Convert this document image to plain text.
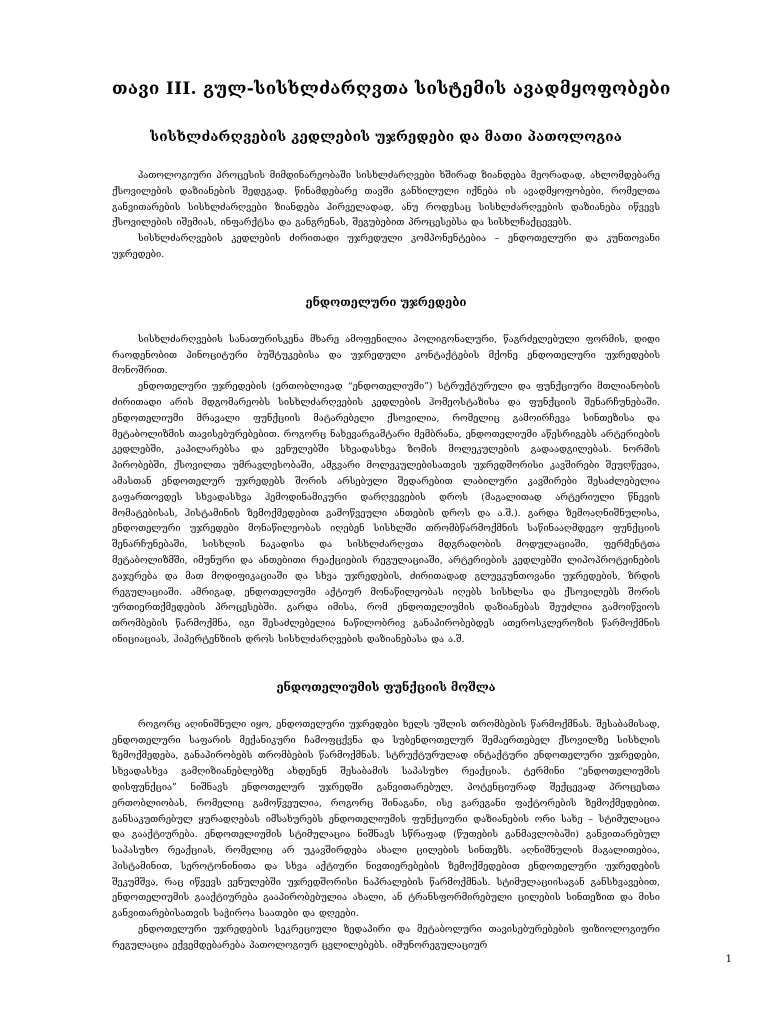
თავი III. გულ-სისხლძარღვთა სისტემის ავადმყოფობები
სისხლძარღვების კედლების უჯრედები და მათი პათოლოგია

პათოლოგიური პროცესის მიმდინარეობაში სისხლძარღვები ხშირად ზიანდება მეორადად, ახლომდებარე ქსოვილების დაზიანების შედეგად. წინამდებარე თავში განხილული იქნება ის ავადმყოფობები, რომელთა განვითარების სისხლძარღვები ზიანდება პირველადად, ანუ როდესაც სისხლძარღვების დაზიანება იწვევს ქსოვილების იშემიას, ინფარქტსა და განგრენას, შეგუბებით პროცესებსა და სისხლჩაქცევებს.

სისხლძარღვების კედლების ძირითადი უჯრედული კომპონენტებია – ენდოთელური და კუნთოვანი უჯრედები.

ენდოთელური უჯრედები

სისხლძარღვების სანათურისკენა მხარე ამოფენილია პოლიგონალური, წაგრძელებული ფორმის, დიდი რაოდენობით პინოციტური ბუშტუკებისა და უჯრედული კონტაქტების მქონე ენდოთელური უჯრედების მონოშრით.

ენდოთელური უჯრედების (ერთობლივად “ენდოთელიუმი”) სტრუქტურული და ფუნქციური მთლიანობის ძირითადი არის მდგომარეობს სისხლძარღვების კედლების ჰომეოსტაზისა და ფუნქციის შენარჩუნებაში. ენდოთელიუმი მრავალი ფუნქციის მატარებელი ქსოვილია, რომელიც გამოირჩევა სინთეზისა და მეტაბოლიზმის თავისებურებებით. როგორც ნახევარგამტარი მემბრანა, ენდოთელიუმი აწესრიგებს არტერიების კედლებში, კაპილარებსა და ვენულებში სხვადასხვა ზომის მოლეკულების გადაადგილებას. ნორმის პირობებში, ქსოვილთა უმრავლესობაში, ამგვარი მოლეკულებისათვის უჯრედშორისი კავშირები შეუღწევია, ამასთან ენდოთელურ უჯრედებს შორის არსებული შედარებით ლაბილური კავშირები შესაძლებელია გაფართოვდეს სხვადასხვა ჰემოდინამიკური დარღვევების დროს (მაგალითად არტერიული წნევის მომატებისას, ჰისტამინის ზემოქმედებით გამოწვეული ანთების დროს და ა.შ.). გარდა ზემოაღნიშნულისა, ენდოთელური უჯრედები მონაწილეობას იღებენ სისხლში თრომბწარმოქმნის საწინააღმდეგო ფუნქციის შენარჩუნებაში, სისხლის ნაკადისა და სისხლძარღვთა მდგრადობის მოდულაციაში, ფერმენტთა მეტაბოლიზმში, იმუნური და ანთებითი რეაქციების რეგულაციაში, არტერიების კედლებში ლიპოპროტეინების გაჯერება და მათ მოდიფიკაციაში და სხვა უჯრედების, ძირითადად გლუვკუნთოვანი უჯრედების, ზრდის რეგულაციაში. ამრიგად, ენდოთელიუმი აქტიურ მონაწილეობას იღებს სისხლსა და ქსოვილებს შორის ურთიერთქმედების პროცესებში. გარდა იმისა, რომ ენდოთელიუმის დაზიანებას შეუძლია გამოიწვიოს თრომბების წარმოქმნა, იგი შესაძლებელია ნაწილობრივ განაპირობებდეს ათეროსკლეროზის წარმოქმნის ინიციაციას, ჰიპერტენზიის დროს სისხლძარღვების დაზიანებასა და ა.შ.

ენდოთელიუმის ფუნქციის მოშლა

როგორც აღინიშნული იყო, ენდოთელური უჯრედები ხელს უშლის თრომბების წარმოქმნას. შესაბამისად, ენდოთელური საფარის მექანიკური ჩამოფცქვნა და სუბენდოთელურ შემაერთებელ ქსოვილზე სისხლის ზემოქმედება, განაპირობებს თრომბების წარმოქმნას. სტრუქტურულად ინტაქტური ენდოთელური უჯრედები, სხვადასხვა გამღიზიანებლებზე ახდენენ შესაბამის საპასუხო რეაქციას. ტერმინი “ენდოთელიუმის დისფუნქცია” ნიშნავს ენდოთელურ უჯრედში განვითარებულ, პოტენციურად შექცევად პროცესთა ერთობლიობას, რომელიც გამოწვეულია, როგორც შინაგანი, ისე გარეგანი ფაქტორების ზემოქმედებით. განსაკუთრებულ ყურადღებას იმსახურებს ენდოთელიუმის ფუნქციური დაზიანების ორი სახე – სტიმულაცია და გააქტიურება. ენდოთელიუმის სტიმულაცია ნიშნავს სწრაფად (წუთების განმავლობაში) განვითარებულ საპასუხო რეაქციას, რომელიც არ უკავშირდება ახალი ცილების სინთეზს. აღნიშნულის მაგალითებია, ჰისტამინით, სეროტონინითა და სხვა აქტიური ნივთიერებების ზემოქმედებით ენდოთელური უჯრედების შეკუმშვა, რაც იწვევს ვენულებში უჯრედშორისი ნაპრალების წარმოქმნას. სტიმულაციისაგან განსხვავებით, ენდოთელიუმის გააქტიურება გააპირობებულია ახალი, ან ტრანსფორმირებული ცილების სინთეზით და მისი განვითარებისათვის საჭიროა საათები და დღეები.

ენდოთელური უჯრედების სეკრეციული ზედაპირი და მეტაბოლური თავისებურებების ფიზიოლოგიური რეგულაცია ექვემდებარება პათოლოგიურ ცვლილებებს. იმუნორეგულაციურ

1
